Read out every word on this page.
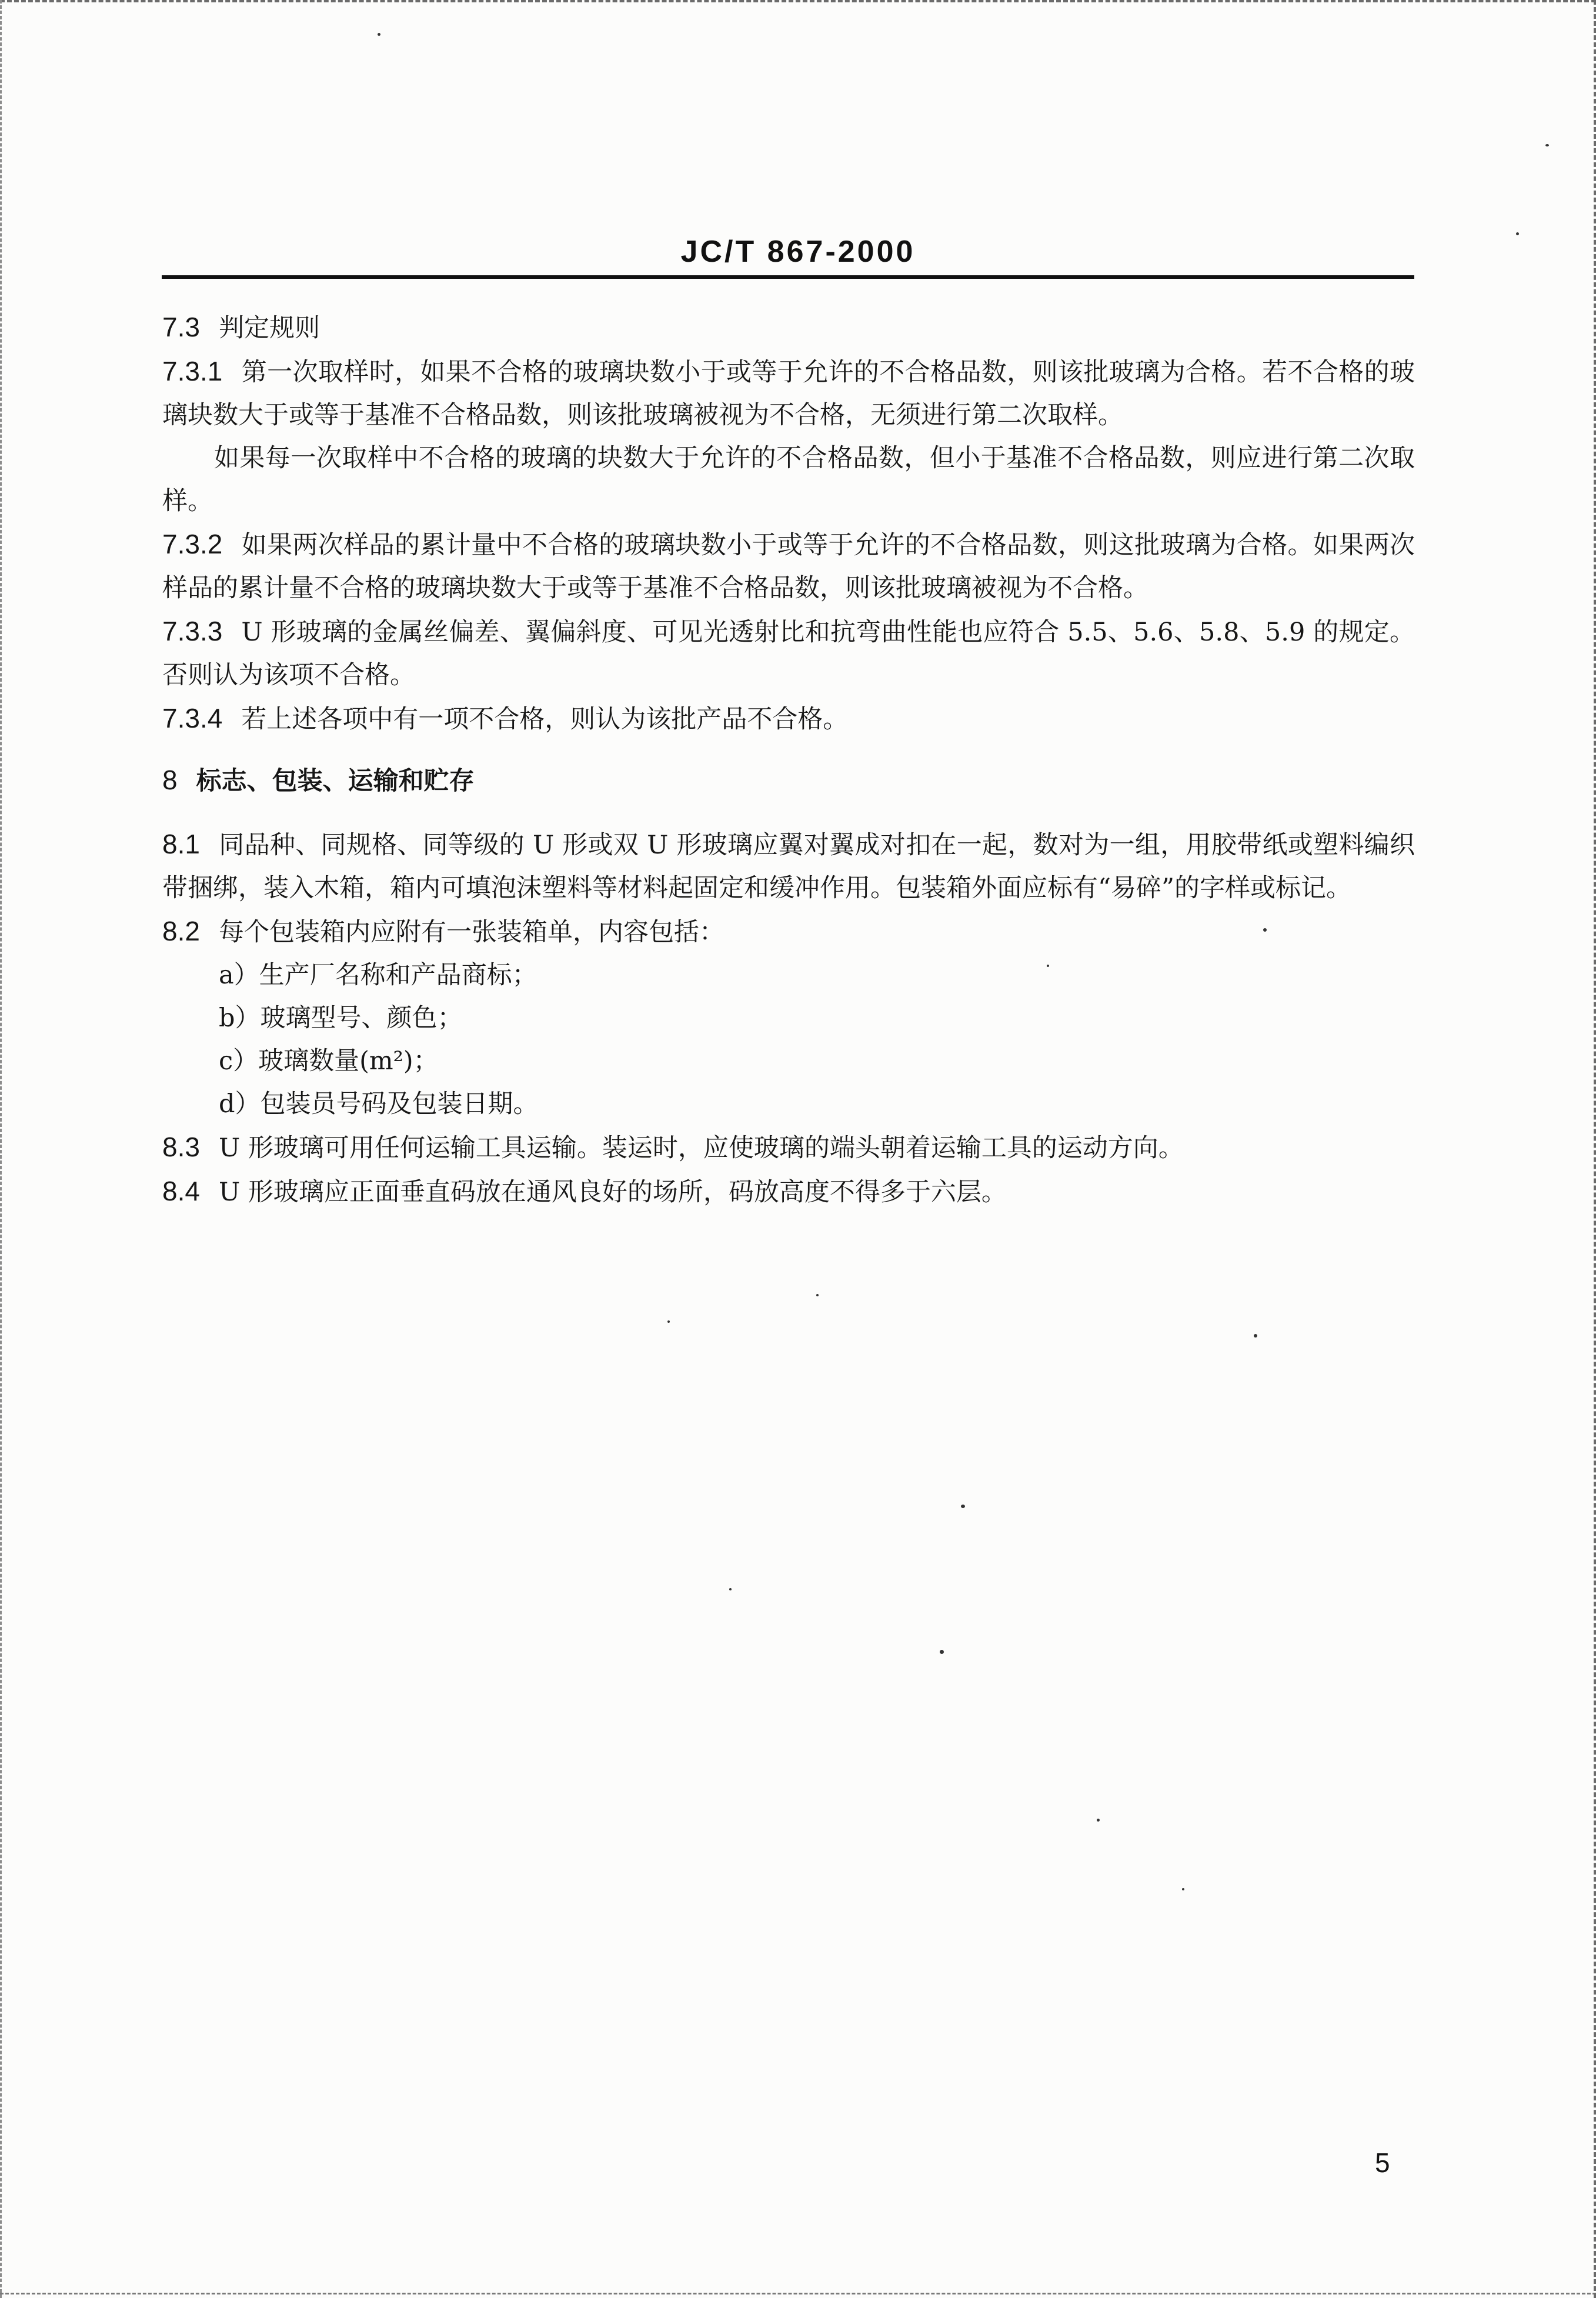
JC/T 867-2000

7.3 判定规则

7.3.1 第一次取样时，如果不合格的玻璃块数小于或等于允许的不合格品数，则该批玻璃为合格。若不合格的玻璃块数大于或等于基准不合格品数，则该批玻璃被视为不合格，无须进行第二次取样。

如果每一次取样中不合格的玻璃的块数大于允许的不合格品数，但小于基准不合格品数，则应进行第二次取样。

7.3.2 如果两次样品的累计量中不合格的玻璃块数小于或等于允许的不合格品数，则这批玻璃为合格。如果两次样品的累计量不合格的玻璃块数大于或等于基准不合格品数，则该批玻璃被视为不合格。

7.3.3 U 形玻璃的金属丝偏差、翼偏斜度、可见光透射比和抗弯曲性能也应符合 5.5、5.6、5.8、5.9 的规定。否则认为该项不合格。

7.3.4 若上述各项中有一项不合格，则认为该批产品不合格。

8 标志、包装、运输和贮存

8.1 同品种、同规格、同等级的 U 形或双 U 形玻璃应翼对翼成对扣在一起，数对为一组，用胶带纸或塑料编织带捆绑，装入木箱，箱内可填泡沫塑料等材料起固定和缓冲作用。包装箱外面应标有“易碎”的字样或标记。

8.2 每个包装箱内应附有一张装箱单，内容包括：

a）生产厂名称和产品商标；

b）玻璃型号、颜色；

c）玻璃数量(m²)；

d）包装员号码及包装日期。

8.3 U 形玻璃可用任何运输工具运输。装运时，应使玻璃的端头朝着运输工具的运动方向。

8.4 U 形玻璃应正面垂直码放在通风良好的场所，码放高度不得多于六层。

5
